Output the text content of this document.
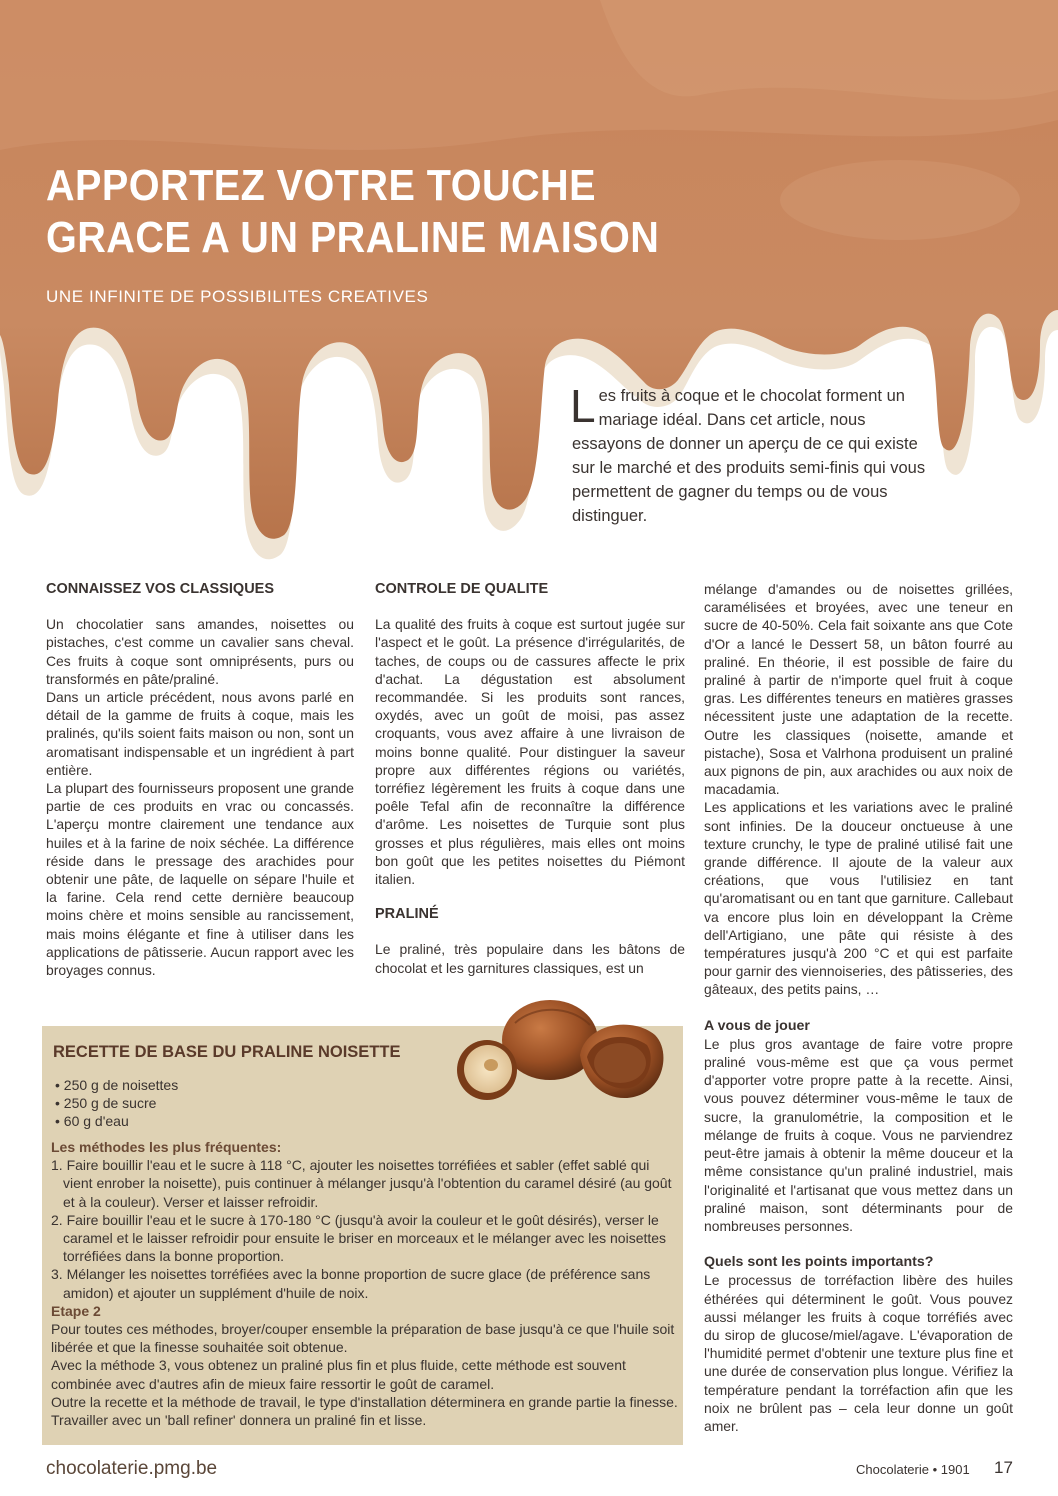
APPORTEZ VOTRE TOUCHE
GRACE A UN PRALINE MAISON
UNE INFINITE DE POSSIBILITES CREATIVES
Les fruits à coque et le chocolat forment un mariage idéal. Dans cet article, nous essayons de donner un aperçu de ce qui existe sur le marché et des produits semi-finis qui vous permettent de gagner du temps ou de vous distinguer.
CONNAISSEZ VOS CLASSIQUES

Un chocolatier sans amandes, noisettes ou pistaches, c'est comme un cavalier sans cheval. Ces fruits à coque sont omniprésents, purs ou transformés en pâte/praliné.

Dans un article précédent, nous avons parlé en détail de la gamme de fruits à coque, mais les pralinés, qu'ils soient faits maison ou non, sont un aromatisant indispensable et un ingrédient à part entière.

La plupart des fournisseurs proposent une grande partie de ces produits en vrac ou concassés. L'aperçu montre clairement une tendance aux huiles et à la farine de noix séchée. La différence réside dans le pressage des arachides pour obtenir une pâte, de laquelle on sépare l'huile et la farine. Cela rend cette dernière beaucoup moins chère et moins sensible au rancissement, mais moins élégante et fine à utiliser dans les applications de pâtisserie. Aucun rapport avec les broyages connus.

CONTROLE DE QUALITE

La qualité des fruits à coque est surtout jugée sur l'aspect et le goût. La présence d'irrégularités, de taches, de coups ou de cassures affecte le prix d'achat. La dégustation est absolument recommandée. Si les produits sont rances, oxydés, avec un goût de moisi, pas assez croquants, vous avez affaire à une livraison de moins bonne qualité. Pour distinguer la saveur propre aux différentes régions ou variétés, torréfiez légèrement les fruits à coque dans une poêle Tefal afin de reconnaître la différence d'arôme. Les noisettes de Turquie sont plus grosses et plus régulières, mais elles ont moins bon goût que les petites noisettes du Piémont italien.

PRALINÉ

Le praliné, très populaire dans les bâtons de chocolat et les garnitures classiques, est un

mélange d'amandes ou de noisettes grillées, caramélisées et broyées, avec une teneur en sucre de 40-50%. Cela fait soixante ans que Cote d'Or a lancé le Dessert 58, un bâton fourré au praliné. En théorie, il est possible de faire du praliné à partir de n'importe quel fruit à coque gras. Les différentes teneurs en matières grasses nécessitent juste une adaptation de la recette. Outre les classiques (noisette, amande et pistache), Sosa et Valrhona produisent un praliné aux pignons de pin, aux arachides ou aux noix de macadamia.

Les applications et les variations avec le praliné sont infinies. De la douceur onctueuse à une texture crunchy, le type de praliné utilisé fait une grande différence. Il ajoute de la valeur aux créations, que vous l'utilisiez en tant qu'aromatisant ou en tant que garniture. Callebaut va encore plus loin en développant la Crème dell'Artigiano, une pâte qui résiste à des températures jusqu'à 200 °C et qui est parfaite pour garnir des viennoiseries, des pâtisseries, des gâteaux, des petits pains, …

A vous de jouer

Le plus gros avantage de faire votre propre praliné vous-même est que ça vous permet d'apporter votre propre patte à la recette. Ainsi, vous pouvez déterminer vous-même le taux de sucre, la granulométrie, la composition et le mélange de fruits à coque. Vous ne parviendrez peut-être jamais à obtenir la même douceur et la même consistance qu'un praliné industriel, mais l'originalité et l'artisanat que vous mettez dans un praliné maison, sont déterminants pour de nombreuses personnes.

Quels sont les points importants?

Le processus de torréfaction libère des huiles éthérées qui déterminent le goût. Vous pouvez aussi mélanger les fruits à coque torréfiés avec du sirop de glucose/miel/agave. L'évaporation de l'humidité permet d'obtenir une texture plus fine et une durée de conservation plus longue. Vérifiez la température pendant la torréfaction afin que les noix ne brûlent pas – cela leur donne un goût amer.

RECETTE DE BASE DU PRALINE NOISETTE
• 250 g de noisettes
• 250 g de sucre
• 60 g d'eau

Les méthodes les plus fréquentes:

1. Faire bouillir l'eau et le sucre à 118 °C, ajouter les noisettes torréfiées et sabler (effet sablé qui vient enrober la noisette), puis continuer à mélanger jusqu'à l'obtention du caramel désiré (au goût et à la couleur). Verser et laisser refroidir.
2. Faire bouillir l'eau et le sucre à 170-180 °C (jusqu'à avoir la couleur et le goût désirés), verser le caramel et le laisser refroidir pour ensuite le briser en morceaux et le mélanger avec les noisettes torréfiées dans la bonne proportion.
3. Mélanger les noisettes torréfiées avec la bonne proportion de sucre glace (de préférence sans amidon) et ajouter un supplément d'huile de noix.

Etape 2

Pour toutes ces méthodes, broyer/couper ensemble la préparation de base jusqu'à ce que l'huile soit libérée et que la finesse souhaitée soit obtenue.

Avec la méthode 3, vous obtenez un praliné plus fin et plus fluide, cette méthode est souvent combinée avec d'autres afin de mieux faire ressortir le goût de caramel.

Outre la recette et la méthode de travail, le type d'installation déterminera en grande partie la finesse. Travailler avec un 'ball refiner' donnera un praliné fin et lisse.

chocolaterie.pmg.be	Chocolaterie • 1901 17
